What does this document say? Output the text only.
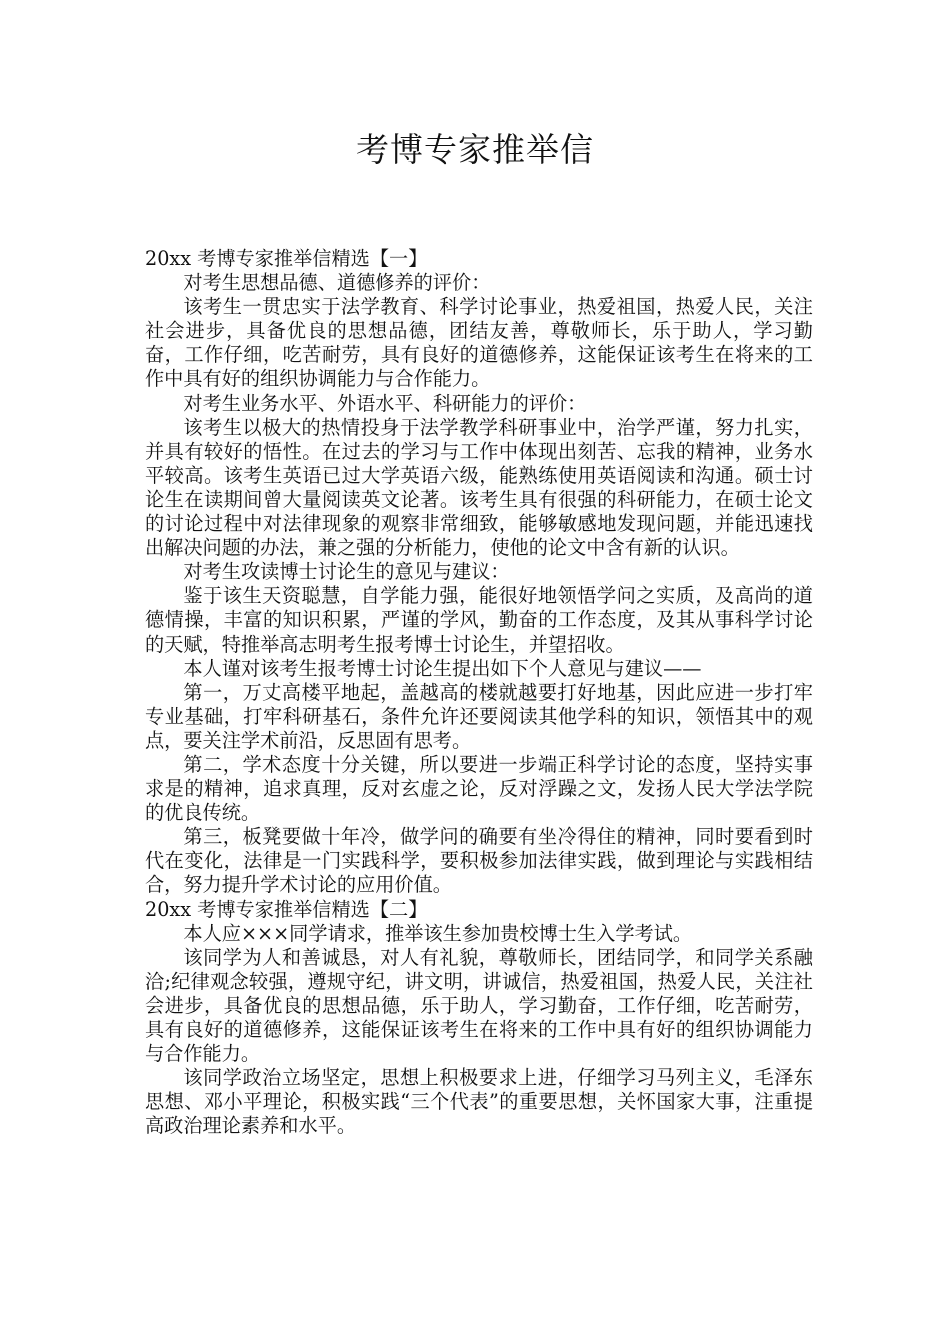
考博专家推举信

20xx 考博专家推举信精选【一】

对考生思想品德、道德修养的评价：

该考生一贯忠实于法学教育、科学讨论事业，热爱祖国，热爱人民，关注社会进步，具备优良的思想品德，团结友善，尊敬师长，乐于助人，学习勤奋，工作仔细，吃苦耐劳，具有良好的道德修养，这能保证该考生在将来的工作中具有好的组织协调能力与合作能力。

对考生业务水平、外语水平、科研能力的评价：

该考生以极大的热情投身于法学教学科研事业中，治学严谨，努力扎实，并具有较好的悟性。在过去的学习与工作中体现出刻苦、忘我的精神，业务水平较高。该考生英语已过大学英语六级，能熟练使用英语阅读和沟通。硕士讨论生在读期间曾大量阅读英文论著。该考生具有很强的科研能力，在硕士论文的讨论过程中对法律现象的观察非常细致，能够敏感地发现问题，并能迅速找出解决问题的办法，兼之强的分析能力，使他的论文中含有新的认识。

对考生攻读博士讨论生的意见与建议：

鉴于该生天资聪慧，自学能力强，能很好地领悟学问之实质，及高尚的道德情操，丰富的知识积累，严谨的学风，勤奋的工作态度，及其从事科学讨论的天赋，特推举高志明考生报考博士讨论生，并望招收。

本人谨对该考生报考博士讨论生提出如下个人意见与建议——

第一，万丈高楼平地起，盖越高的楼就越要打好地基，因此应进一步打牢专业基础，打牢科研基石，条件允许还要阅读其他学科的知识，领悟其中的观点，要关注学术前沿，反思固有思考。

第二，学术态度十分关键，所以要进一步端正科学讨论的态度，坚持实事求是的精神，追求真理，反对玄虚之论，反对浮躁之文，发扬人民大学法学院的优良传统。

第三，板凳要做十年冷，做学问的确要有坐冷得住的精神，同时要看到时代在变化，法律是一门实践科学，要积极参加法律实践，做到理论与实践相结合，努力提升学术讨论的应用价值。

20xx 考博专家推举信精选【二】

本人应×××同学请求，推举该生参加贵校博士生入学考试。

该同学为人和善诚恳，对人有礼貌，尊敬师长，团结同学，和同学关系融洽;纪律观念较强，遵规守纪，讲文明，讲诚信，热爱祖国，热爱人民，关注社会进步，具备优良的思想品德，乐于助人，学习勤奋，工作仔细，吃苦耐劳，具有良好的道德修养，这能保证该考生在将来的工作中具有好的组织协调能力与合作能力。

该同学政治立场坚定，思想上积极要求上进，仔细学习马列主义，毛泽东思想、邓小平理论，积极实践“三个代表”的重要思想，关怀国家大事，注重提高政治理论素养和水平。
